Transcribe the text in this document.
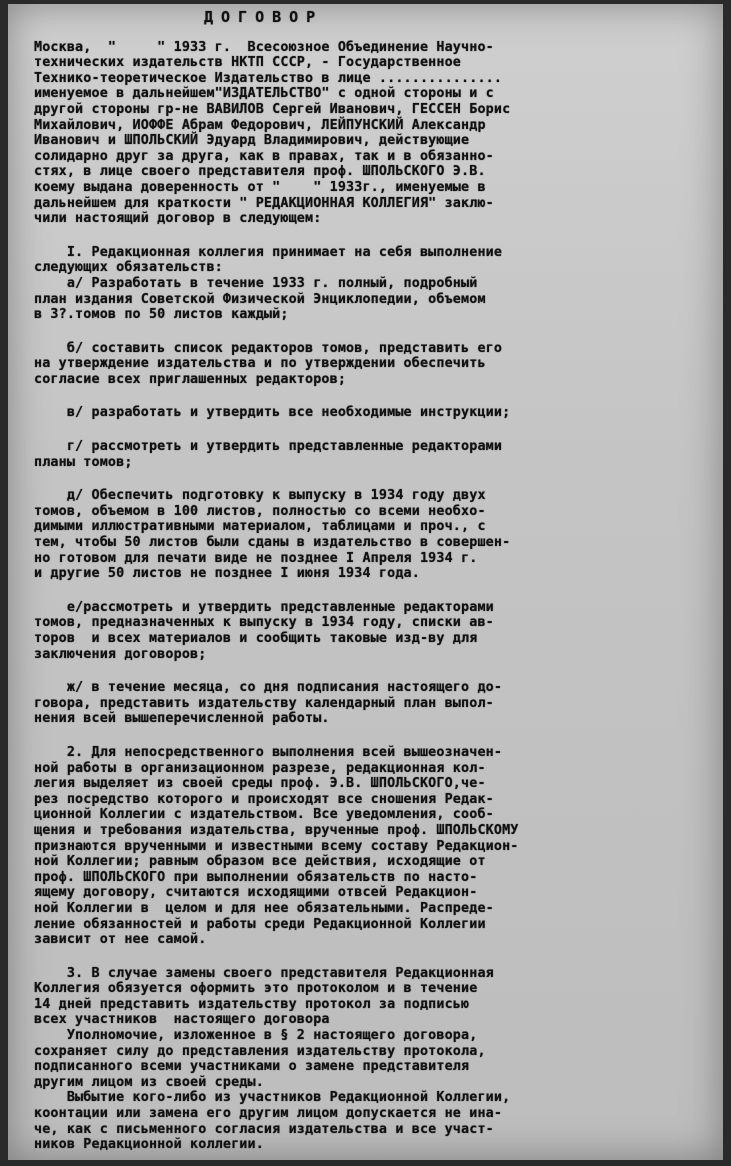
ДОГОВОР
Москва,  "     " 1933 г.  Всесоюзное Объединение Научно-
технических издательств НКТП СССР, - Государственное
Технико-теоретическое Издательство в лице ...............
именуемое в дальнейшем"ИЗДАТЕЛЬСТВО" с одной стороны и с
другой стороны гр-не ВАВИЛОВ Сергей Иванович, ГЕССЕН Борис
Михайлович, ИОФФЕ Абрам Федорович, ЛЕЙПУНСКИЙ Александр
Иванович и ШПОЛЬСКИЙ Эдуард Владимирович, действующие
солидарно друг за друга, как в правах, так и в обязанно-
стях, в лице своего представителя проф. ШПОЛЬСКОГО Э.В.
коему выдана доверенность от "    " 1933г., именуемые в
дальнейшем для краткости " РЕДАКЦИОННАЯ КОЛЛЕГИЯ" заклю-
чили настоящий договор в следующем:
I. Редакционная коллегия принимает на себя выполнение
следующих обязательств:
а/ Разработать в течение 1933 г. полный, подробный
план издания Советской Физической Энциклопедии, объемом
в 3?.томов по 50 листов каждый;
б/ составить список редакторов томов, представить его
на утверждение издательства и по утверждении обеспечить
согласие всех приглашенных редакторов;
в/ разработать и утвердить все необходимые инструкции;
г/ рассмотреть и утвердить представленные редакторами
планы томов;
д/ Обеспечить подготовку к выпуску в 1934 году двух
томов, объемом в 100 листов, полностью со всеми необхо-
димыми иллюстративными материалом, таблицами и проч., с
тем, чтобы 50 листов были сданы в издательство в совершен-
но готовом для печати виде не позднее I Апреля 1934 г.
и другие 50 листов не позднее I июня 1934 года.
е/рассмотреть и утвердить представленные редакторами
томов, предназначенных к выпуску в 1934 году, списки ав-
торов  и всех материалов и сообщить таковые изд-ву для
заключения договоров;
ж/ в течение месяца, со дня подписания настоящего до-
говора, представить издательству календарный план выпол-
нения всей вышеперечисленной работы.
2. Для непосредственного выполнения всей вышеозначен-
ной работы в организационном разрезе, редакционная кол-
легия выделяет из своей среды проф. Э.В. ШПОЛЬСКОГО,че-
рез посредство которого и происходят все сношения Редак-
ционной Коллегии с издательством. Все уведомления, сооб-
щения и требования издательства, врученные проф. ШПОЛЬСКОМУ
признаются врученными и известными всему составу Редакцион-
ной Коллегии; равным образом все действия, исходящие от
проф. ШПОЛЬСКОГО при выполнении обязательств по насто-
ящему договору, считаются исходящими отвсей Редакцион-
ной Коллегии в  целом и для нее обязательными. Распреде-
ление обязанностей и работы среди Редакционной Коллегии
зависит от нее самой.
3. В случае замены своего представителя Редакционная
Коллегия обязуется оформить это протоколом и в течение
14 дней представить издательству протокол за подписью
всех участников  настоящего договора
Уполномочие, изложенное в § 2 настоящего договора,
сохраняет силу до представления издательству протокола,
подписанного всеми участниками о замене представителя
другим лицом из своей среды.
Выбытие кого-либо из участников Редакционной Коллегии,
коонтации или замена его другим лицом допускается не ина-
че, как с письменного согласия издательства и все участ-
ников Редакционной коллегии.
